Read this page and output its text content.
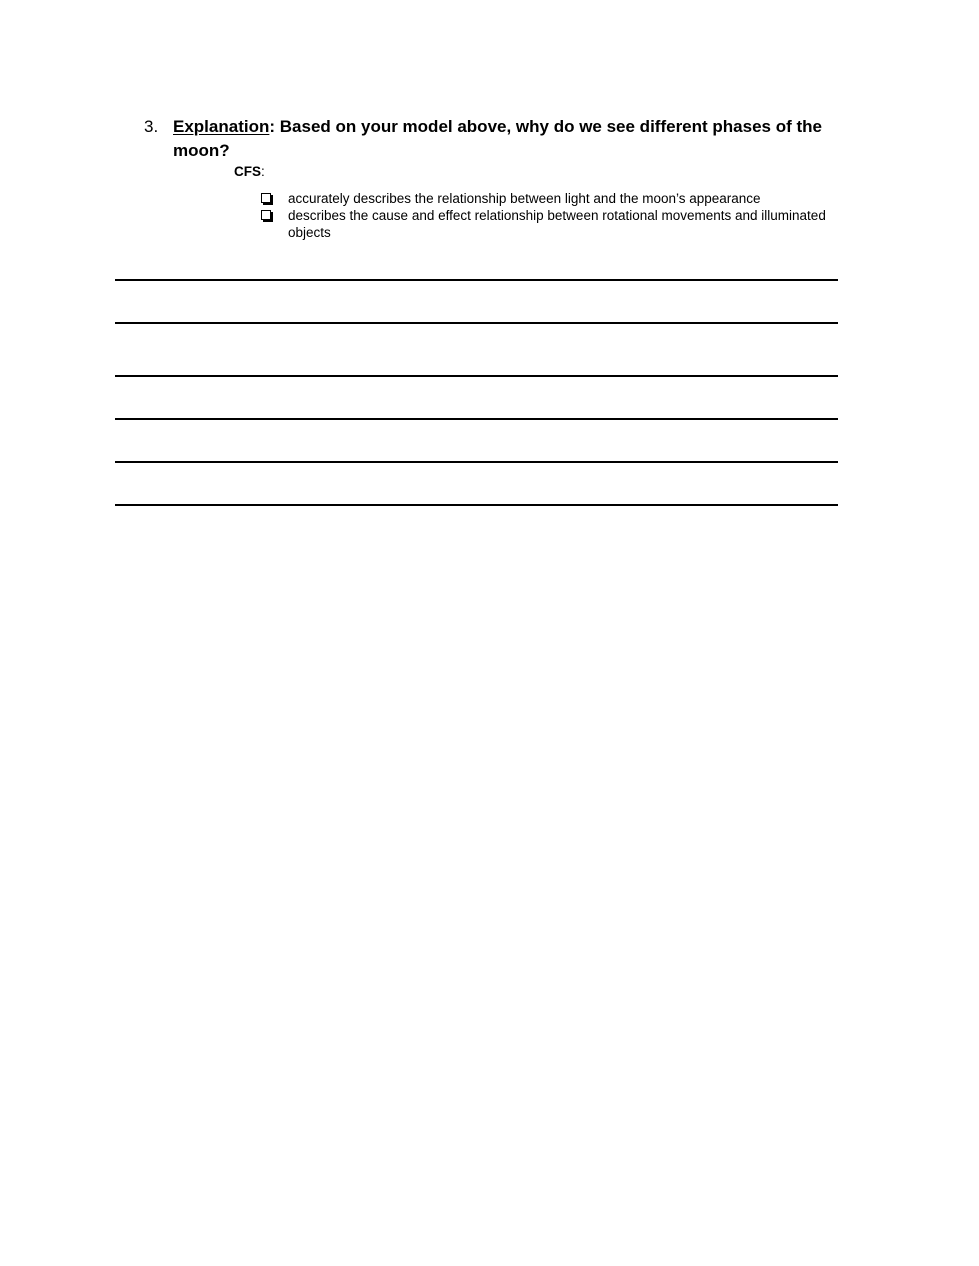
3. Explanation: Based on your model above, why do we see different phases of the moon?
CFS:
accurately describes the relationship between light and the moon’s appearance
describes the cause and effect relationship between rotational movements and illuminated objects
